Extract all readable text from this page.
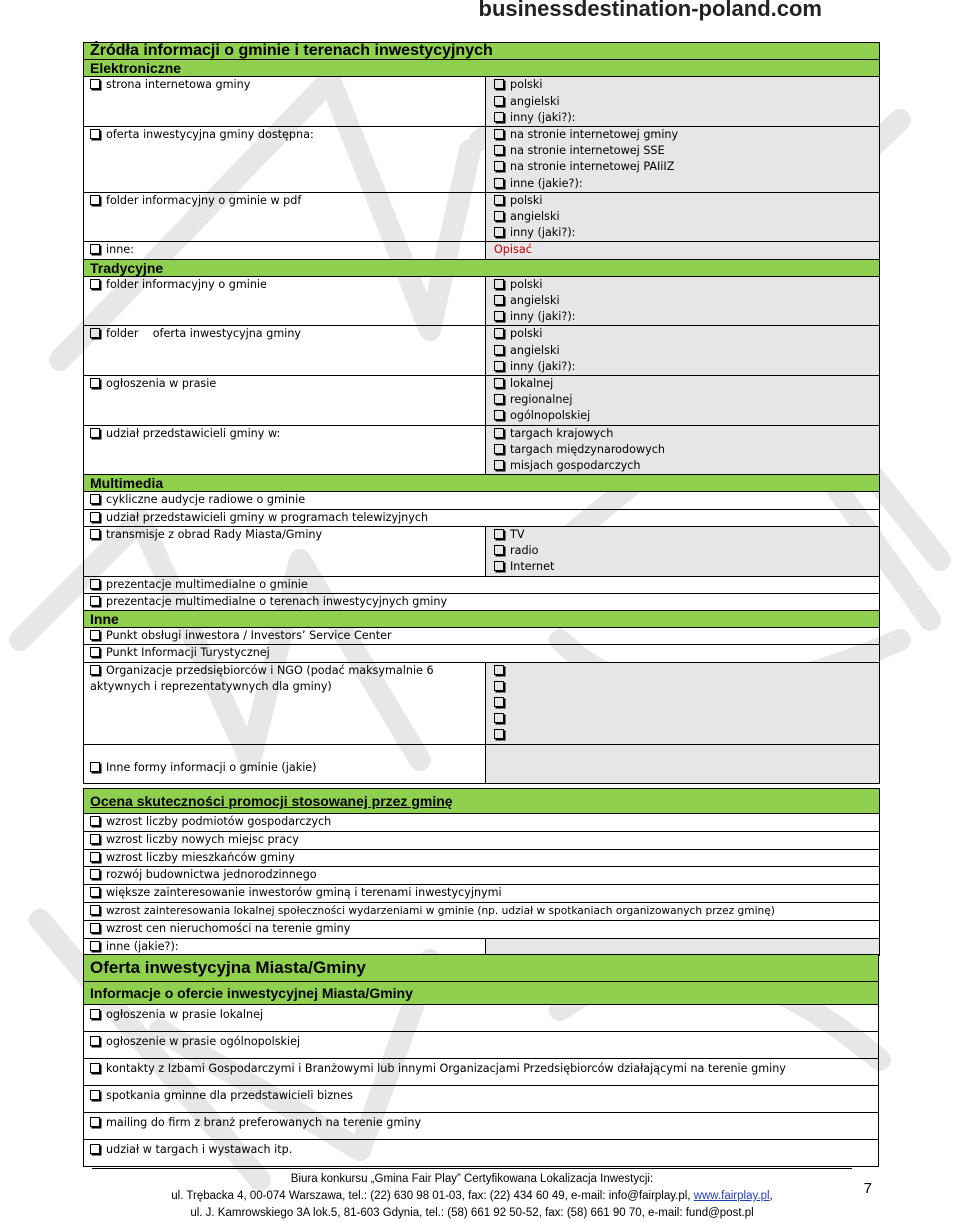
businessdestination-poland.com
Źródła informacji o gminie i terenach inwestycyjnych	
Elektroniczne	

strona internetowa gminy	polski
angielski
inny (jaki?):

oferta inwestycyjna gminy dostępna:	na stronie internetowej gminy
na stronie internetowej SSE
na stronie internetowej PAIiIZ
inne (jakie?):

folder informacyjny o gminie w pdf	polski
angielski
inny (jaki?):

inne:	Opisać

Tradycyjne	

folder informacyjny o gminie	polski
angielski
inny (jaki?):

folder    oferta inwestycyjna gminy	polski
angielski
inny (jaki?):

ogłoszenia w prasie	lokalnej
regionalnej
ogólnopolskiej

udział przedstawicieli gminy w:	targach krajowych
targach międzynarodowych
misjach gospodarczych

Multimedia	

cykliczne audycje radiowe o gminie	

udział przedstawicieli gminy w programach telewizyjnych	

transmisje z obrad Rady Miasta/Gminy	TV
radio
Internet

prezentacje multimedialne o gminie	

prezentacje multimedialne o terenach inwestycyjnych gminy	

Inne	

Punkt obsługi inwestora / Investors’ Service Center	

Punkt Informacji Turystycznej	

Organizacje przedsiębiorców i NGO (podać maksymalnie 6 aktywnych i reprezentatywnych dla gminy)	

Inne formy informacji o gminie (jakie)	

Ocena skuteczności promocji stosowanej przez gminę

wzrost liczby podmiotów gospodarczych

wzrost liczby nowych miejsc pracy

wzrost liczby mieszkańców gminy

rozwój budownictwa jednorodzinnego

większe zainteresowanie inwestorów gminą i terenami inwestycyjnymi

wzrost zainteresowania lokalnej społeczności wydarzeniami w gminie (np. udział w spotkaniach organizowanych przez gminę)

wzrost cen nieruchomości na terenie gminy

inne (jakie?):

Oferta inwestycyjna Miasta/Gminy
Informacje o ofercie inwestycyjnej Miasta/Gminy

ogłoszenia w prasie lokalnej

ogłoszenie w prasie ogólnopolskiej

kontakty z Izbami Gospodarczymi i Branżowymi lub innymi Organizacjami Przedsiębiorców działającymi na terenie gminy

spotkania gminne dla przedstawicieli biznes

mailing do firm z branż preferowanych na terenie gminy

udział w targach i wystawach itp.
Biura konkursu „Gmina Fair Play” Certyfikowana Lokalizacja Inwestycji:
ul. Trębacka 4, 00-074 Warszawa, tel.: (22) 630 98 01-03, fax: (22) 434 60 49, e-mail: info@fairplay.pl, www.fairplay.pl,
ul. J. Kamrowskiego 3A lok.5, 81-603 Gdynia, tel.: (58) 661 92 50-52, fax: (58) 661 90 70, e-mail: fund@post.pl
7
